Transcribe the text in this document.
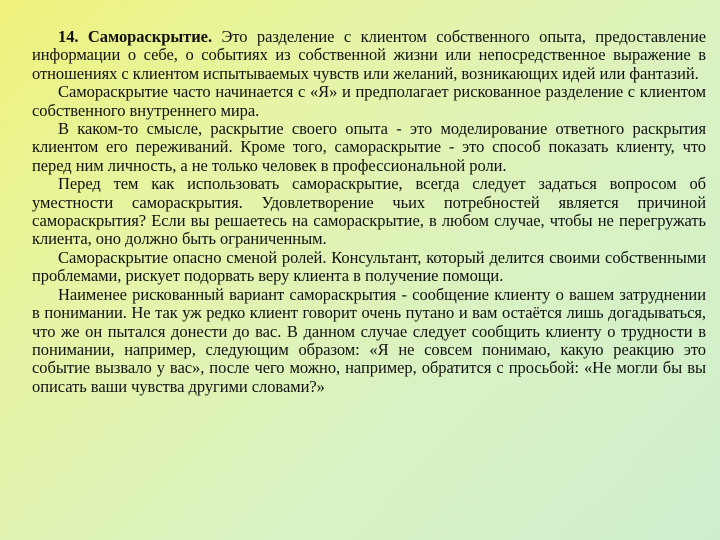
14. Самораскрытие. Это разделение с клиентом собственного опыта, предоставление информации о себе, о событиях из собственной жизни или непосредственное выражение в отношениях с клиентом испытываемых чувств или желаний, возникающих идей или фантазий.

Самораскрытие часто начинается с «Я» и предполагает рискованное разделение с клиентом собственного внутреннего мира.

В каком-то смысле, раскрытие своего опыта - это моделирование ответного раскрытия клиентом его переживаний. Кроме того, самораскрытие - это способ показать клиенту, что перед ним личность, а не только человек в профессиональной роли.

Перед тем как использовать самораскрытие, всегда следует задаться вопросом об уместности самораскрытия. Удовлетворение чьих потребностей является причиной самораскрытия? Если вы решаетесь на самораскрытие, в любом случае, чтобы не перегружать клиента, оно должно быть ограниченным.

Самораскрытие опасно сменой ролей. Консультант, который делится своими собственными проблемами, рискует подорвать веру клиента в получение помощи.

Наименее рискованный вариант самораскрытия - сообщение клиенту о вашем затруднении в понимании. Не так уж редко клиент говорит очень путано и вам остаётся лишь догадываться, что же он пытался донести до вас. В данном случае следует сообщить клиенту о трудности в понимании, например, следующим образом: «Я не совсем понимаю, какую реакцию это событие вызвало у вас», после чего можно, например, обратится с просьбой: «Не могли бы вы описать ваши чувства другими словами?»
